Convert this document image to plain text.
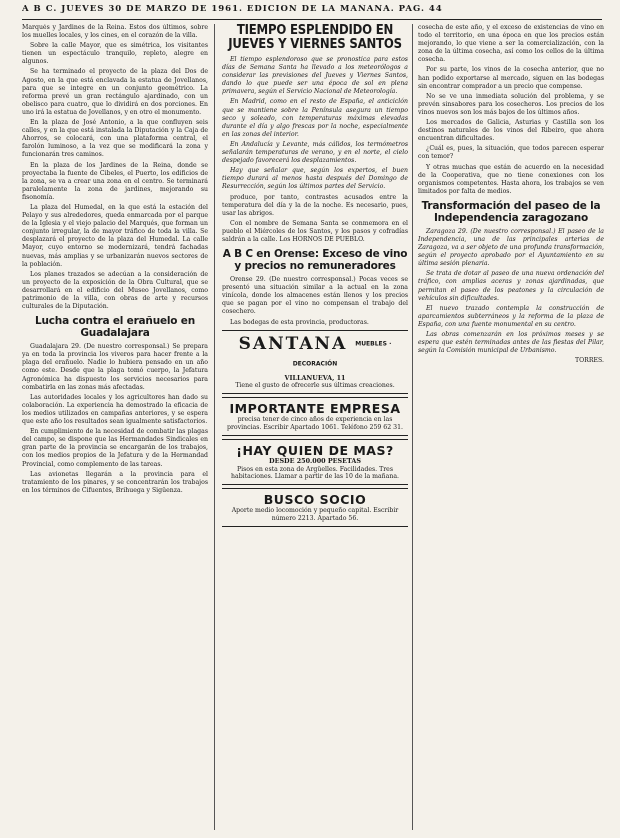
A B C. JUEVES 30 DE MARZO DE 1961. EDICION DE LA MAÑANA. PAG. 44

Marqués y Jardines de la Reina. Estos dos últimos, sobre los muelles locales, y los cines, en el corazón de la villa.

Sobre la calle Mayor, que es simétrica, los visitantes tienen un espectáculo tranquilo, repleto, alegre en algunos.

Se ha terminado el proyecto de la plaza del Dos de Agosto, en la que está enclavada la estatua de Jovellanos, para que se integre en un conjunto geométrico. La reforma prevé un gran rectángulo ajardinado, con un obelisco para cuatro, que lo dividirá en dos porciones. En uno irá la estatua de Jovellanos, y en otro el monumento.

En la plaza de José Antonio, a la que confluyen seis calles, y en la que está instalada la Diputación y la Caja de Ahorros, se colocará, con una plataforma central, el farolón luminoso, a la vez que se modificará la zona y funcionarán tres caminos.

En la plaza de los Jardines de la Reina, donde se proyectaba la fuente de Cibeles, el Puerto, los edificios de la zona, se va a crear una zona en el centro. Se terminará paralelamente la zona de jardines, mejorando su fisonomía.

La plaza del Humedal, en la que está la estación del Pelayo y sus alrededores, queda enmarcada por el parque de la Iglesia y el viejo palacio del Marqués, que forman un conjunto irregular, la de mayor tráfico de toda la villa. Se desplazará el proyecto de la plaza del Humedal. La calle Mayor, cuyo entorno se modernizará, tendrá fachadas nuevas, más amplias y se urbanizarán nuevos sectores de la población.

Los planes trazados se adecúan a la consideración de un proyecto de la exposición de la Obra Cultural, que se desarrollará en el edificio del Museo Jovellanos, como patrimonio de la villa, con obras de arte y recursos culturales de la Diputación.

Lucha contra el erañuelo en Guadalajara

Guadalajara 29. (De nuestro corresponsal.) Se prepara ya en toda la provincia los viveros para hacer frente a la plaga del erañuelo. Nadie lo hubiera pensado en un año como este. Desde que la plaga tomó cuerpo, la Jefatura Agronómica ha dispuesto los servicios necesarios para combatirla en las zonas más afectadas.

Las autoridades locales y los agricultores han dado su colaboración. La experiencia ha demostrado la eficacia de los medios utilizados en campañas anteriores, y se espera que este año los resultados sean igualmente satisfactorios.

En cumplimiento de la necesidad de combatir las plagas del campo, se dispone que las Hermandades Sindicales en gran parte de la provincia se encargarán de los trabajos, con los medios propios de la Jefatura y de la Hermandad Provincial, como complemento de las tareas.

Las avionetas llegarán a la provincia para el tratamiento de los pinares, y se concentrarán los trabajos en los términos de Cifuentes, Brihuega y Sigüenza.

TIEMPO ESPLENDIDO EN JUEVES Y VIERNES SANTOS

El tiempo esplendoroso que se pronostica para estos días de Semana Santa ha llevado a los meteorólogos a considerar las previsiones del Jueves y Viernes Santos, dando lo que puede ser una época de sol en plena primavera, según el Servicio Nacional de Meteorología.

En Madrid, como en el resto de España, el anticiclón que se mantiene sobre la Península asegura un tiempo seco y soleado, con temperaturas máximas elevadas durante el día y algo frescas por la noche, especialmente en las zonas del interior.

En Andalucía y Levante, más cálidos, los termómetros señalarán temperaturas de verano, y en el norte, el cielo despejado favorecerá los desplazamientos.

Hay que señalar que, según los expertos, el buen tiempo durará al menos hasta después del Domingo de Resurrección, según los últimos partes del Servicio.

produce, por tanto, contrastes acusados entre la temperatura del día y la de la noche. Es necesario, pues, usar las abrigos.

Con el nombre de Semana Santa se conmemora en el pueblo el Miércoles de los Santos, y los pasos y cofradías saldrán a la calle. Los HORNOS DE PUEBLO.

A B C en Orense: Exceso de vino y precios no remuneradores

Orense 29. (De nuestro corresponsal.) Pocas veces se presentó una situación similar a la actual en la zona vinícola, donde los almacenes están llenos y los precios que se pagan por el vino no compensan el trabajo del cosechero.

Las bodegas de esta provincia, productoras.

SANTANA MUEBLES · DECORACIÓN
VILLANUEVA, 11
Tiene el gusto de ofrecerle sus últimas creaciones.
IMPORTANTE EMPRESA
precisa tener de cinco años de experiencia en las provincias. Escribir Apartado 1061. Teléfono 259 62 31.
¡HAY QUIEN DE MAS?
DESDE 250.000 PESETAS
Pisos en esta zona de Argüelles. Facilidades. Tres habitaciones. Llamar a partir de las 10 de la mañana.
BUSCO SOCIO
Aporte medio locomoción y pequeño capital. Escribir número 2213. Apartado 56.

cosecha de este año, y el exceso de existencias de vino en todo el territorio, en una época en que los precios están mejorando, lo que viene a ser la comercialización, con la zona de la última cosecha, así como los cellos de la última cosecha.

Por su parte, los vinos de la cosecha anterior, que no han podido exportarse al mercado, siguen en las bodegas sin encontrar comprador a un precio que compense.

No se ve una inmediata solución del problema, y se prevén sinsabores para los cosecheros. Los precios de los vinos nuevos son los más bajos de los últimos años.

Los mercados de Galicia, Asturias y Castilla son los destinos naturales de los vinos del Ribeiro, que ahora encuentran dificultades.

¿Cuál es, pues, la situación, que todos parecen esperar con temor?

Y otras muchas que están de acuerdo en la necesidad de la Cooperativa, que no tiene conexiones con los organismos competentes. Hasta ahora, los trabajos se ven limitados por falta de medios.

Transformación del paseo de la Independencia zaragozano

Zaragoza 29. (De nuestro corresponsal.) El paseo de la Independencia, una de las principales arterias de Zaragoza, va a ser objeto de una profunda transformación, según el proyecto aprobado por el Ayuntamiento en su última sesión plenaria.

Se trata de dotar al paseo de una nueva ordenación del tráfico, con amplias aceras y zonas ajardinadas, que permitan el paseo de los peatones y la circulación de vehículos sin dificultades.

El nuevo trazado contempla la construcción de aparcamientos subterráneos y la reforma de la plaza de España, con una fuente monumental en su centro.

Las obras comenzarán en los próximos meses y se espera que estén terminadas antes de las fiestas del Pilar, según la Comisión municipal de Urbanismo.

TORRES.
